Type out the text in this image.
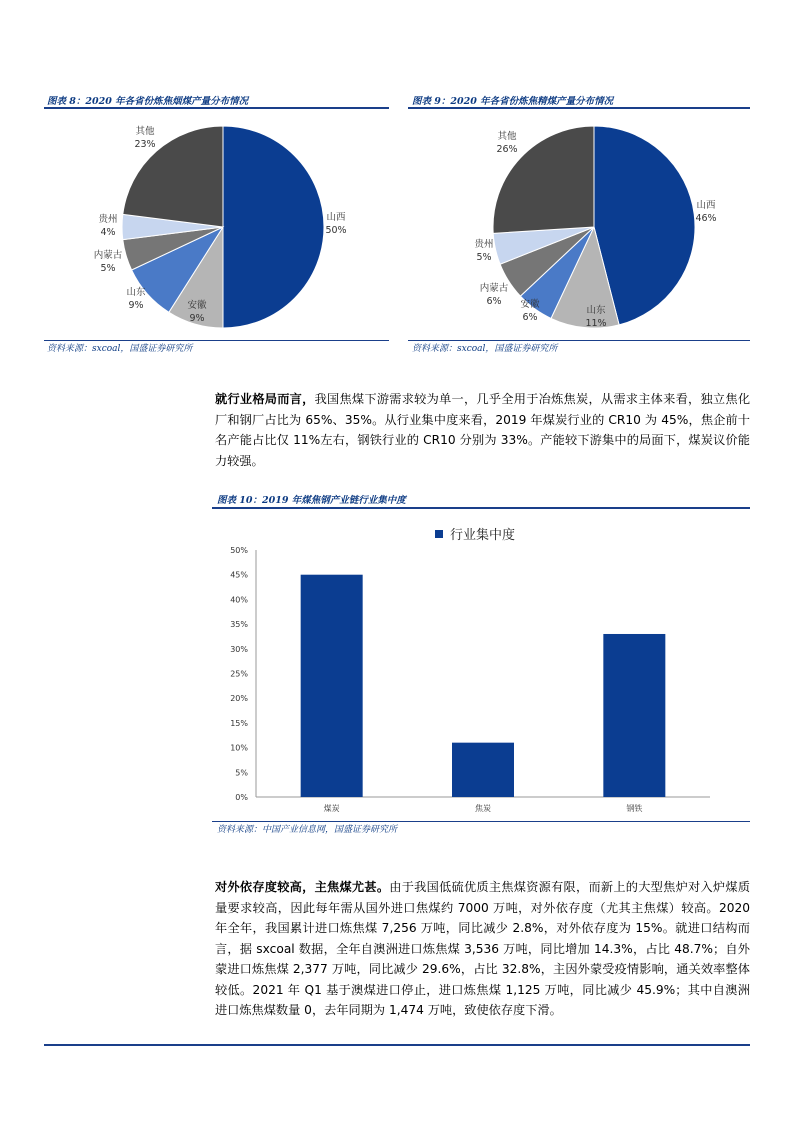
图表 8：2020 年各省份炼焦烟煤产量分布情况
山西
50%
安徽
9%
山东
9%
内蒙古
5%
贵州
4%
其他
23%
资料来源：sxcoal，国盛证券研究所
图表 9：2020 年各省份炼焦精煤产量分布情况
山西
46%
山东
11%
安徽
6%
内蒙古
6%
贵州
5%
其他
26%
资料来源：sxcoal，国盛证券研究所

就行业格局而言，我国焦煤下游需求较为单一，几乎全用于冶炼焦炭，从需求主体来看，独立焦化厂和钢厂占比为 65%、35%。从行业集中度来看，2019 年煤炭行业的 CR10 为 45%，焦企前十名产能占比仅 11%左右，钢铁行业的 CR10 分别为 33%。产能较下游集中的局面下，煤炭议价能力较强。

图表 10：2019 年煤焦钢产业链行业集中度
行业集中度
0%
5%
10%
15%
20%
25%
30%
35%
40%
45%
50%
煤炭	焦炭	钢铁
资料来源：中国产业信息网，国盛证券研究所

对外依存度较高，主焦煤尤甚。由于我国低硫优质主焦煤资源有限，而新上的大型焦炉对入炉煤质量要求较高，因此每年需从国外进口焦煤约 7000 万吨，对外依存度（尤其主焦煤）较高。2020 年全年，我国累计进口炼焦煤 7,256 万吨，同比减少 2.8%，对外依存度为 15%。就进口结构而言，据 sxcoal 数据，全年自澳洲进口炼焦煤 3,536 万吨，同比增加 14.3%，占比 48.7%；自外蒙进口炼焦煤 2,377 万吨，同比减少 29.6%，占比 32.8%，主因外蒙受疫情影响，通关效率整体较低。2021 年 Q1 基于澳煤进口停止，进口炼焦煤 1,125 万吨，同比减少 45.9%；其中自澳洲进口炼焦煤数量 0，去年同期为 1,474 万吨，致使依存度下滑。
